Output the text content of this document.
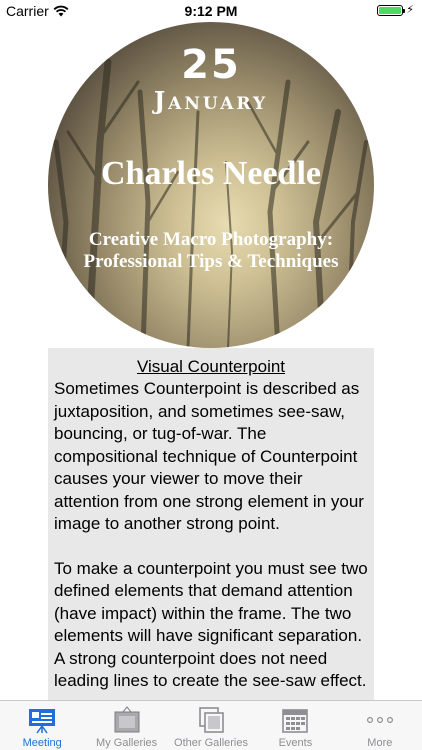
Carrier	9:12 PM	⚡
25
January
Charles Needle
Creative Macro Photography:
Professional Tips & Techniques
Visual Counterpoint

Sometimes Counterpoint is described as juxtaposition, and sometimes see-saw, bouncing, or tug-of-war. The compositional technique of Counterpoint causes your viewer to move their attention from one strong element in your image to another strong point.

To make a counterpoint you must see two defined elements that demand attention (have impact) within the frame. The two elements will have significant separation. A strong counterpoint does not need leading lines to create the see-saw effect.

Meeting	My Galleries	Other Galleries	Events	More
